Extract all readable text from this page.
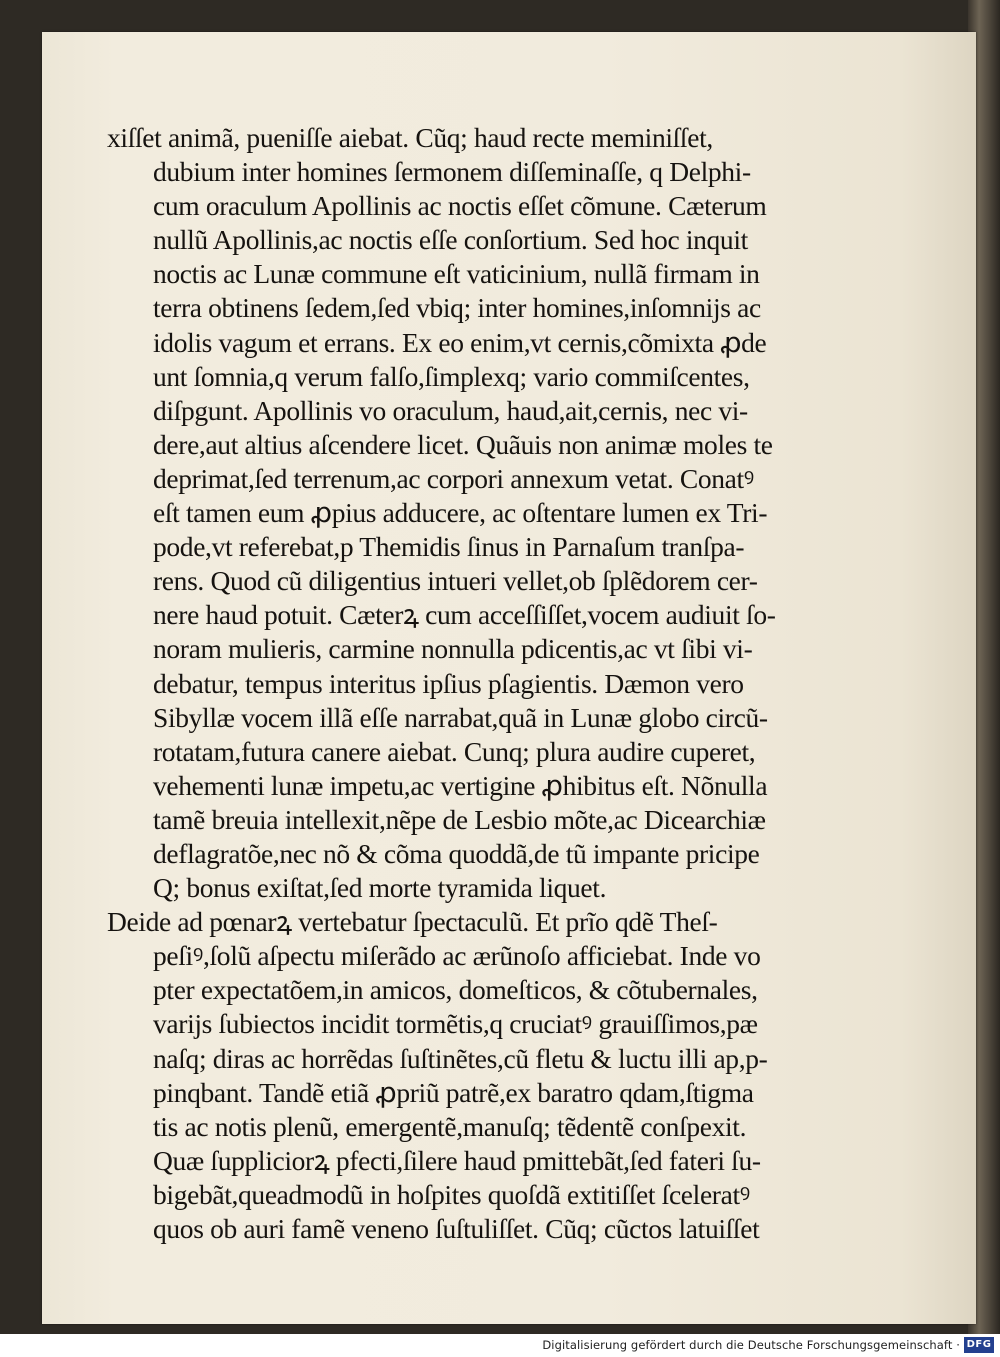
xiſſet animã, pueniſſe aiebat. Cũq; haud recte meminiſſet,
dubium inter homines ſermonem diſſeminaſſe, q Delphi-
cum oraculum Apollinis ac noctis eſſet cõmune. Cæterum
nullũ Apollinis,ac noctis eſſe conſortium. Sed hoc inquit
noctis ac Lunæ commune eſt vaticinium, nullã firmam in
terra obtinens ſedem,ſed vbiq; inter homines,inſomnijs ac
idolis vagum et errans. Ex eo enim,vt cernis,cõmixta ꝓde
unt ſomnia,q verum falſo,ſimplexq; vario commiſcentes,
diſpgunt. Apollinis vo oraculum, haud,ait,cernis, nec vi-
dere,aut altius aſcendere licet. Quãuis non animæ moles te
deprimat,ſed terrenum,ac corpori annexum vetat. Conatꝰ
eſt tamen eum ꝓpius adducere, ac oſtentare lumen ex Tri-
pode,vt referebat,p Themidis ſinus in Parnaſum tranſpa-
rens. Quod cũ diligentius intueri vellet,ob ſplẽdorem cer-
nere haud potuit. Cæterꝝ cum acceſſiſſet,vocem audiuit ſo-
noram mulieris, carmine nonnulla pdicentis,ac vt ſibi vi-
debatur, tempus interitus ipſius pſagientis. Dæmon vero
Sibyllæ vocem illã eſſe narrabat,quã in Lunæ globo circũ-
rotatam,futura canere aiebat. Cunq; plura audire cuperet,
vehementi lunæ impetu,ac vertigine ꝓhibitus eſt. Nõnulla
tamẽ breuia intellexit,nẽpe de Lesbio mõte,ac Dicearchiæ
deflagratõe,nec nõ & cõma quoddã,de tũ impante pricipe
Q; bonus exiſtat,ſed morte tyramida liquet.
Deide ad pœnarꝝ vertebatur ſpectaculũ. Et prĩo qdẽ Theſ-
peſiꝰ,ſolũ aſpectu miſerãdo ac ærũnoſo afficiebat. Inde vo
pter expectatõem,in amicos, domeſticos, & cõtubernales,
varijs ſubiectos incidit tormẽtis,q cruciatꝰ grauiſſimos,pæ
naſq; diras ac horrẽdas ſuſtinẽtes,cũ fletu & luctu illi ap,p-
pinqbant. Tandẽ etiã ꝓpriũ patrẽ,ex baratro qdam,ſtigma
tis ac notis plenũ, emergentẽ,manuſq; tẽdentẽ conſpexit.
Quæ ſuppliciorꝝ pfecti,ſilere haud pmittebãt,ſed fateri ſu-
bigebãt,queadmodũ in hoſpites quoſdã extitiſſet ſceleratꝰ
quos ob auri famẽ veneno ſuſtuliſſet. Cũq; cũctos latuiſſet
Digitalisierung gefördert durch die Deutsche Forschungsgemeinschaft · DFG
